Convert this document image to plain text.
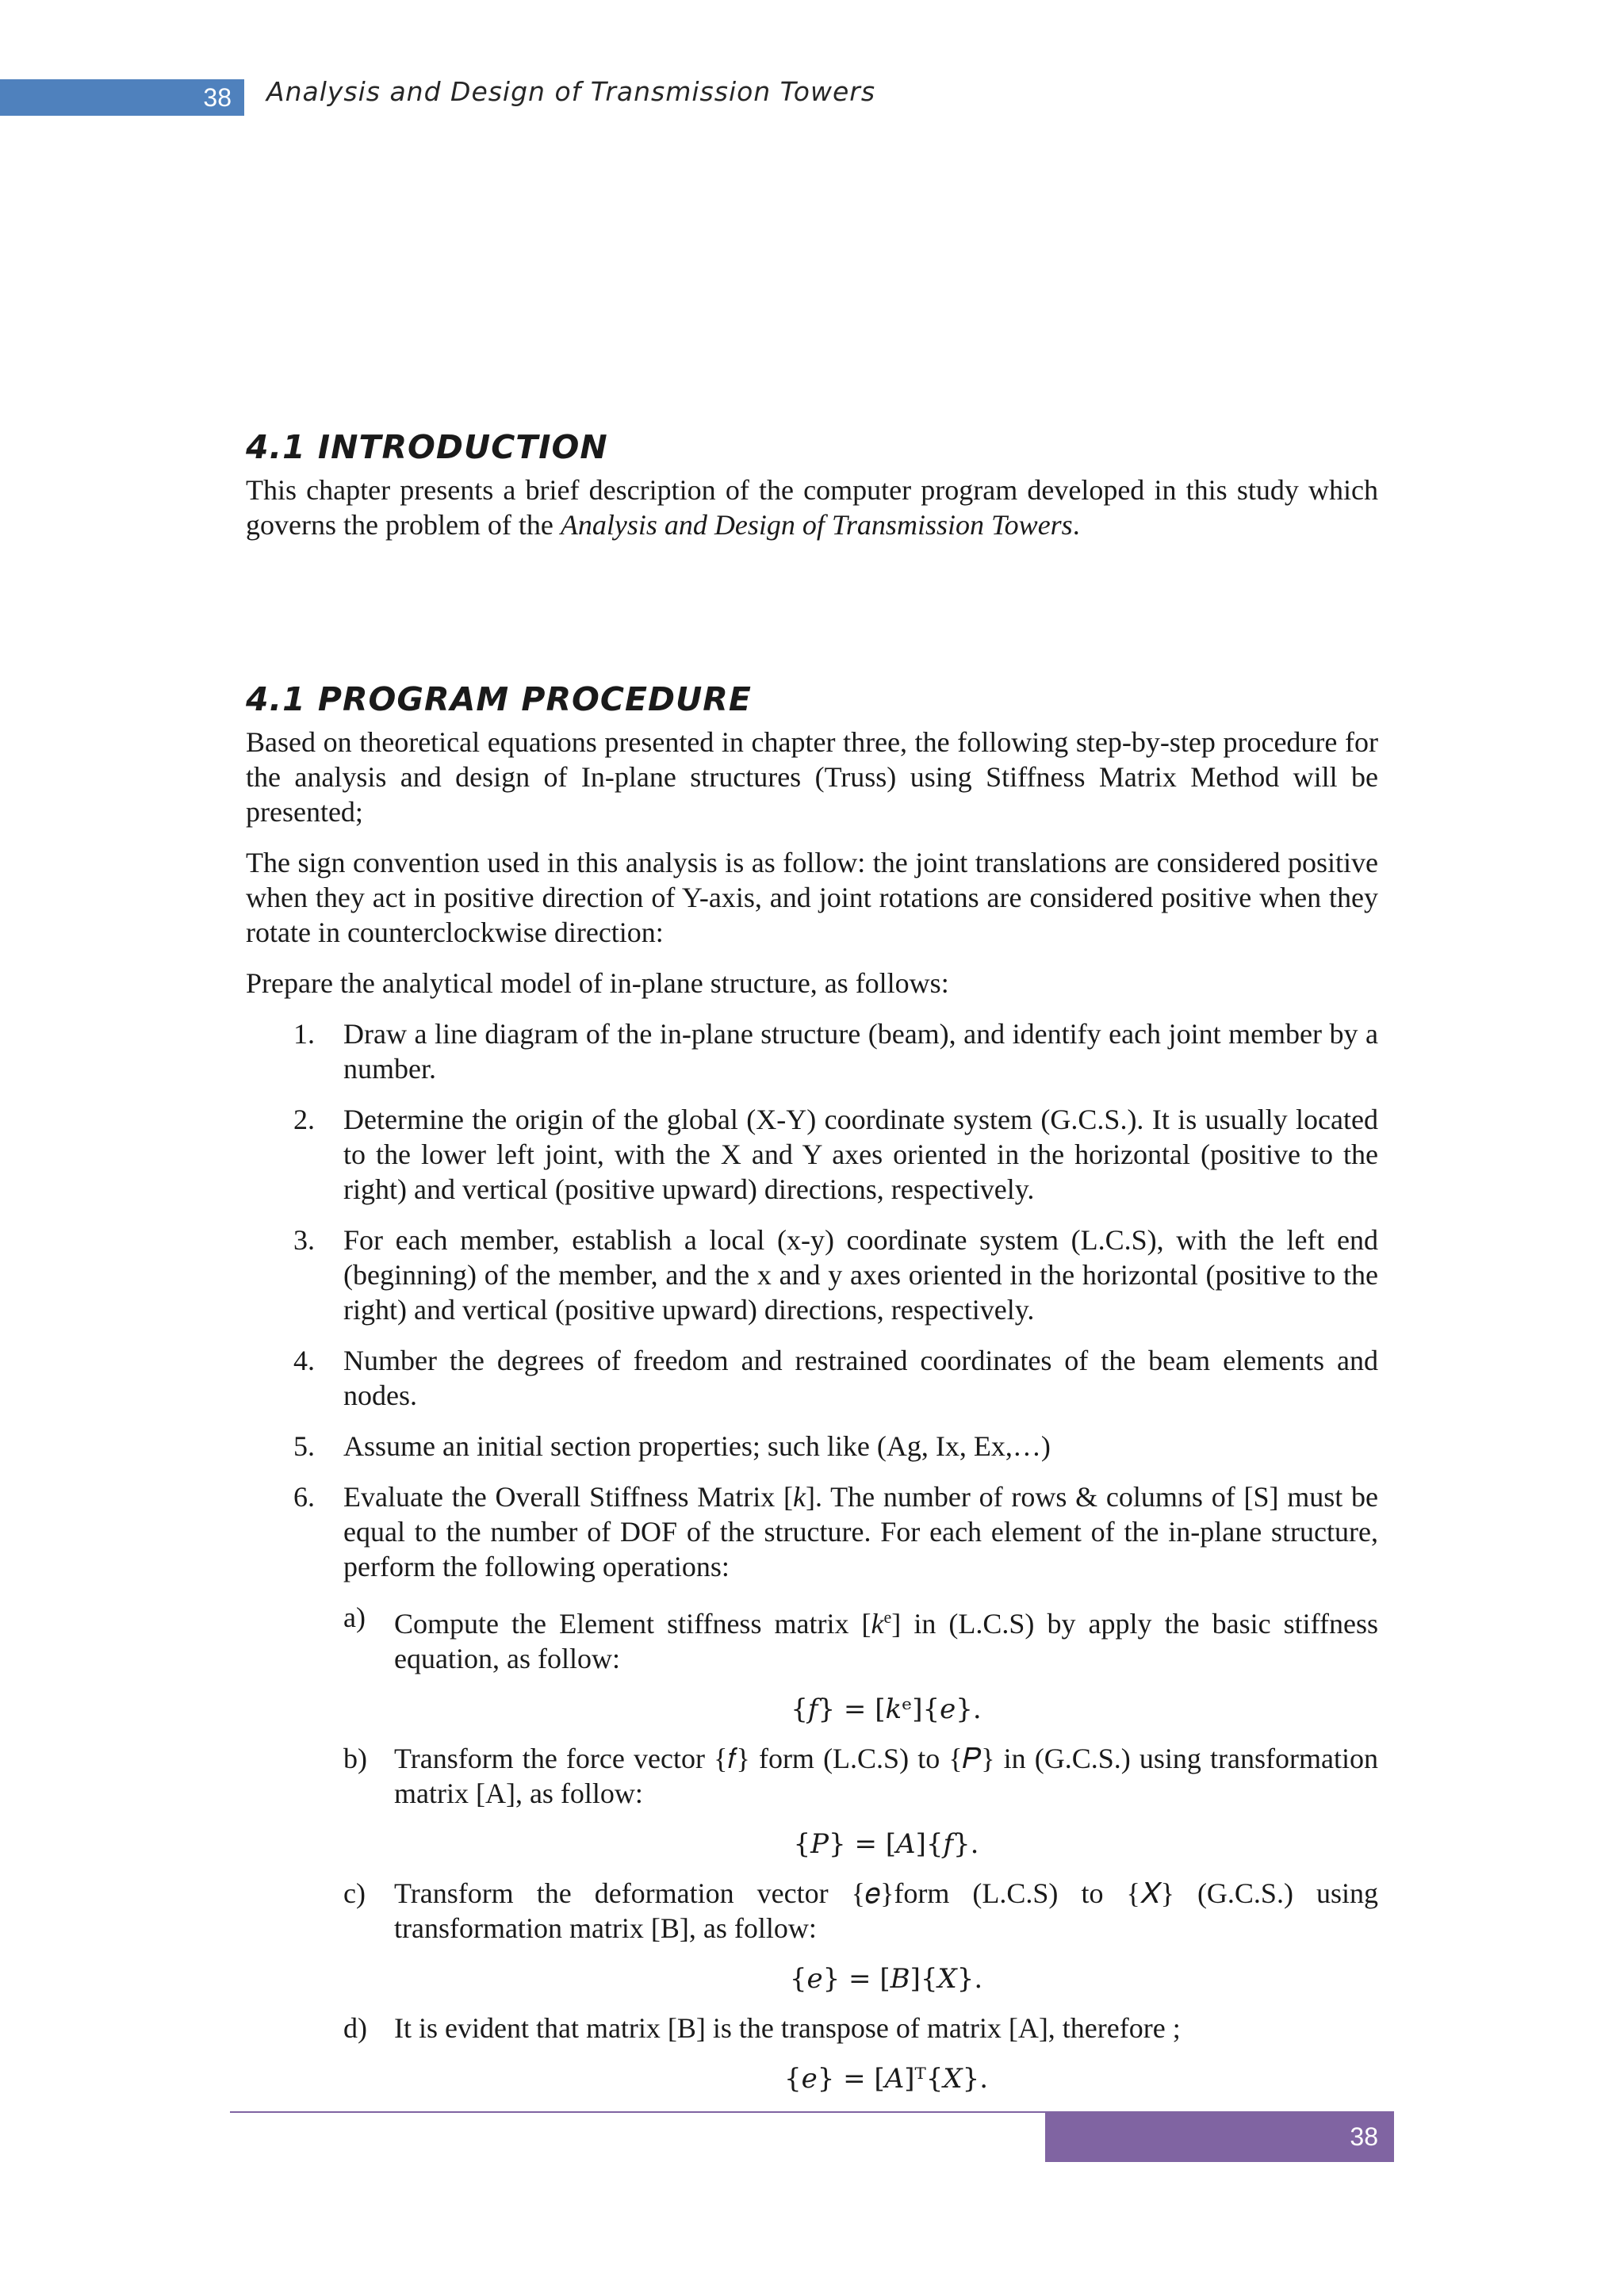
38 Analysis and Design of Transmission Towers
4.1 INTRODUCTION

This chapter presents a brief description of the computer program developed in this study which governs the problem of the Analysis and Design of Transmission Towers.

4.1 PROGRAM PROCEDURE

Based on theoretical equations presented in chapter three, the following step-by-step procedure for the analysis and design of In-plane structures (Truss) using Stiffness Matrix Method will be presented;

The sign convention used in this analysis is as follow: the joint translations are considered positive when they act in positive direction of Y-axis, and joint rotations are considered positive when they rotate in counterclockwise direction:

Prepare the analytical model of in-plane structure, as follows:

1. Draw a line diagram of the in-plane structure (beam), and identify each joint member by a number.
2. Determine the origin of the global (X-Y) coordinate system (G.C.S.). It is usually located to the lower left joint, with the X and Y axes oriented in the horizontal (positive to the right) and vertical (positive upward) directions, respectively.
3. For each member, establish a local (x-y) coordinate system (L.C.S), with the left end (beginning) of the member, and the x and y axes oriented in the horizontal (positive to the right) and vertical (positive upward) directions, respectively.
4. Number the degrees of freedom and restrained coordinates of the beam elements and nodes.
5. Assume an initial section properties; such like (Ag, Ix, Ex,…)
6. Evaluate the Overall Stiffness Matrix [k]. The number of rows & columns of [S] must be equal to the number of DOF of the structure. For each element of the in-plane structure, perform the following operations:
a) Compute the Element stiffness matrix $[k^e]$ in (L.C.S) by apply the basic stiffness equation, as follow:
{𝑓} = [𝑘ᵉ]{𝑒}.
b) Transform the force vector {𝑓} form (L.C.S) to {𝑃} in (G.C.S.) using transformation matrix [A], as follow:
{𝑃} = [𝐴]{𝑓}.
c) Transform the deformation vector {𝑒}form (L.C.S) to {𝑋} (G.C.S.) using transformation matrix [B], as follow:
{𝑒} = [𝐵]{𝑋}.
d) It is evident that matrix [B] is the transpose of matrix [A], therefore ;
{𝑒} = [𝐴]ᵀ{𝑋}.
38
